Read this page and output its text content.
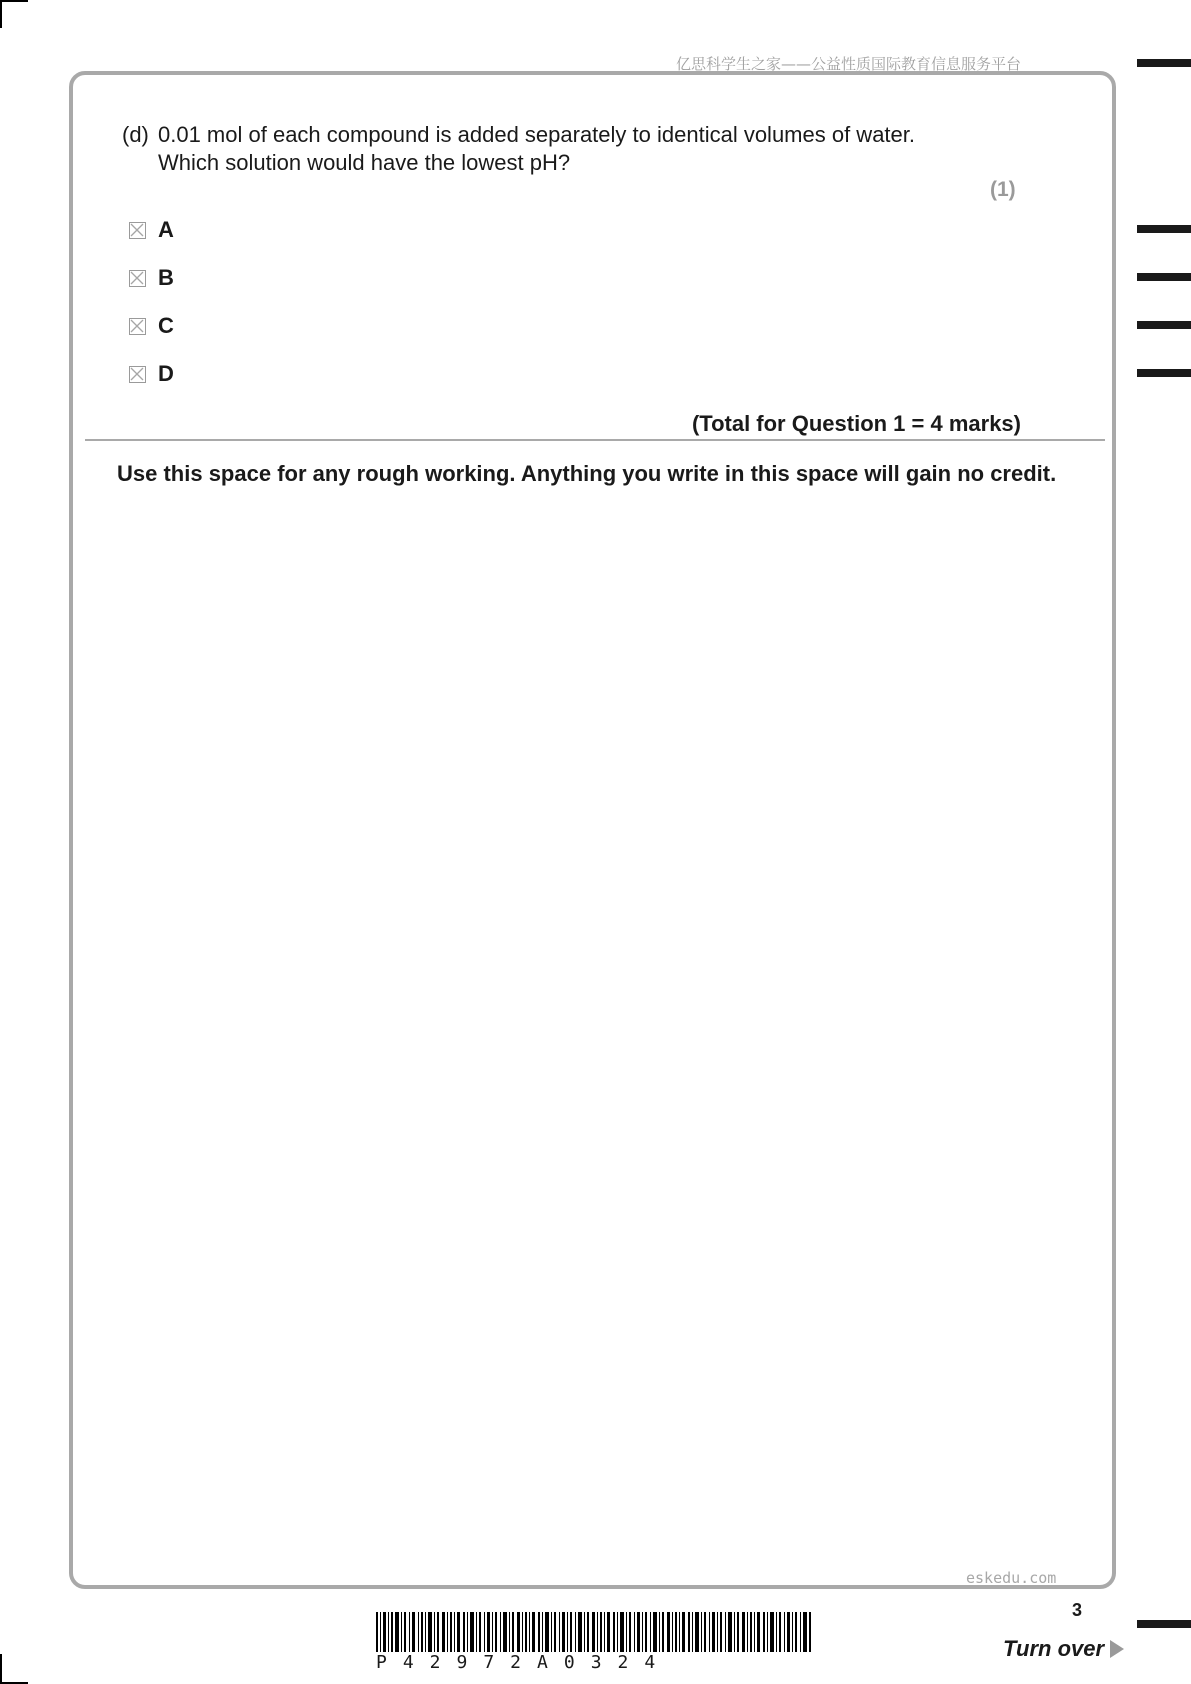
亿思科学生之家——公益性质国际教育信息服务平台
(d) 0.01 mol of each compound is added separately to identical volumes of water.
Which solution would have the lowest pH?
(1)
A
B
C
D
(Total for Question 1 = 4 marks)
Use this space for any rough working. Anything you write in this space will gain no credit.
eskedu.com
3
P42972A0324
Turn over
